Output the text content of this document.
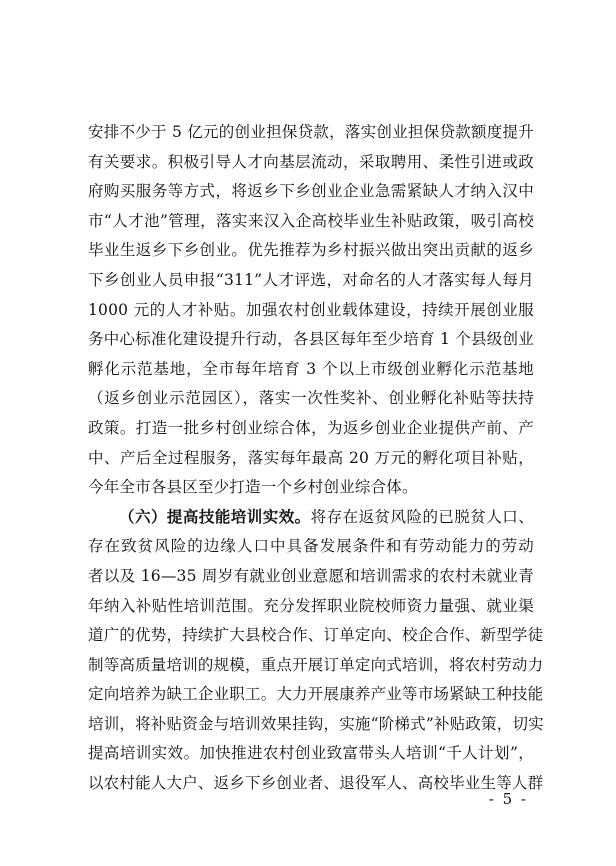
安排不少于 5 亿元的创业担保贷款，落实创业担保贷款额度提升
有关要求。积极引导人才向基层流动，采取聘用、柔性引进或政
府购买服务等方式，将返乡下乡创业企业急需紧缺人才纳入汉中
市“人才池”管理，落实来汉入企高校毕业生补贴政策，吸引高校
毕业生返乡下乡创业。优先推荐为乡村振兴做出突出贡献的返乡
下乡创业人员申报“311”人才评选，对命名的人才落实每人每月
1000 元的人才补贴。加强农村创业载体建设，持续开展创业服
务中心标准化建设提升行动，各县区每年至少培育 1 个县级创业
孵化示范基地，全市每年培育 3 个以上市级创业孵化示范基地
（返乡创业示范园区），落实一次性奖补、创业孵化补贴等扶持
政策。打造一批乡村创业综合体，为返乡创业企业提供产前、产
中、产后全过程服务，落实每年最高 20 万元的孵化项目补贴，
今年全市各县区至少打造一个乡村创业综合体。
（六）提高技能培训实效。将存在返贫风险的已脱贫人口、
存在致贫风险的边缘人口中具备发展条件和有劳动能力的劳动
者以及 16—35 周岁有就业创业意愿和培训需求的农村未就业青
年纳入补贴性培训范围。充分发挥职业院校师资力量强、就业渠
道广的优势，持续扩大县校合作、订单定向、校企合作、新型学徒
制等高质量培训的规模，重点开展订单定向式培训，将农村劳动力
定向培养为缺工企业职工。大力开展康养产业等市场紧缺工种技能
培训，将补贴资金与培训效果挂钩，实施“阶梯式”补贴政策，切实
提高培训实效。加快推进农村创业致富带头人培训“千人计划”，
以农村能人大户、返乡下乡创业者、退役军人、高校毕业生等人群
- 5 -
